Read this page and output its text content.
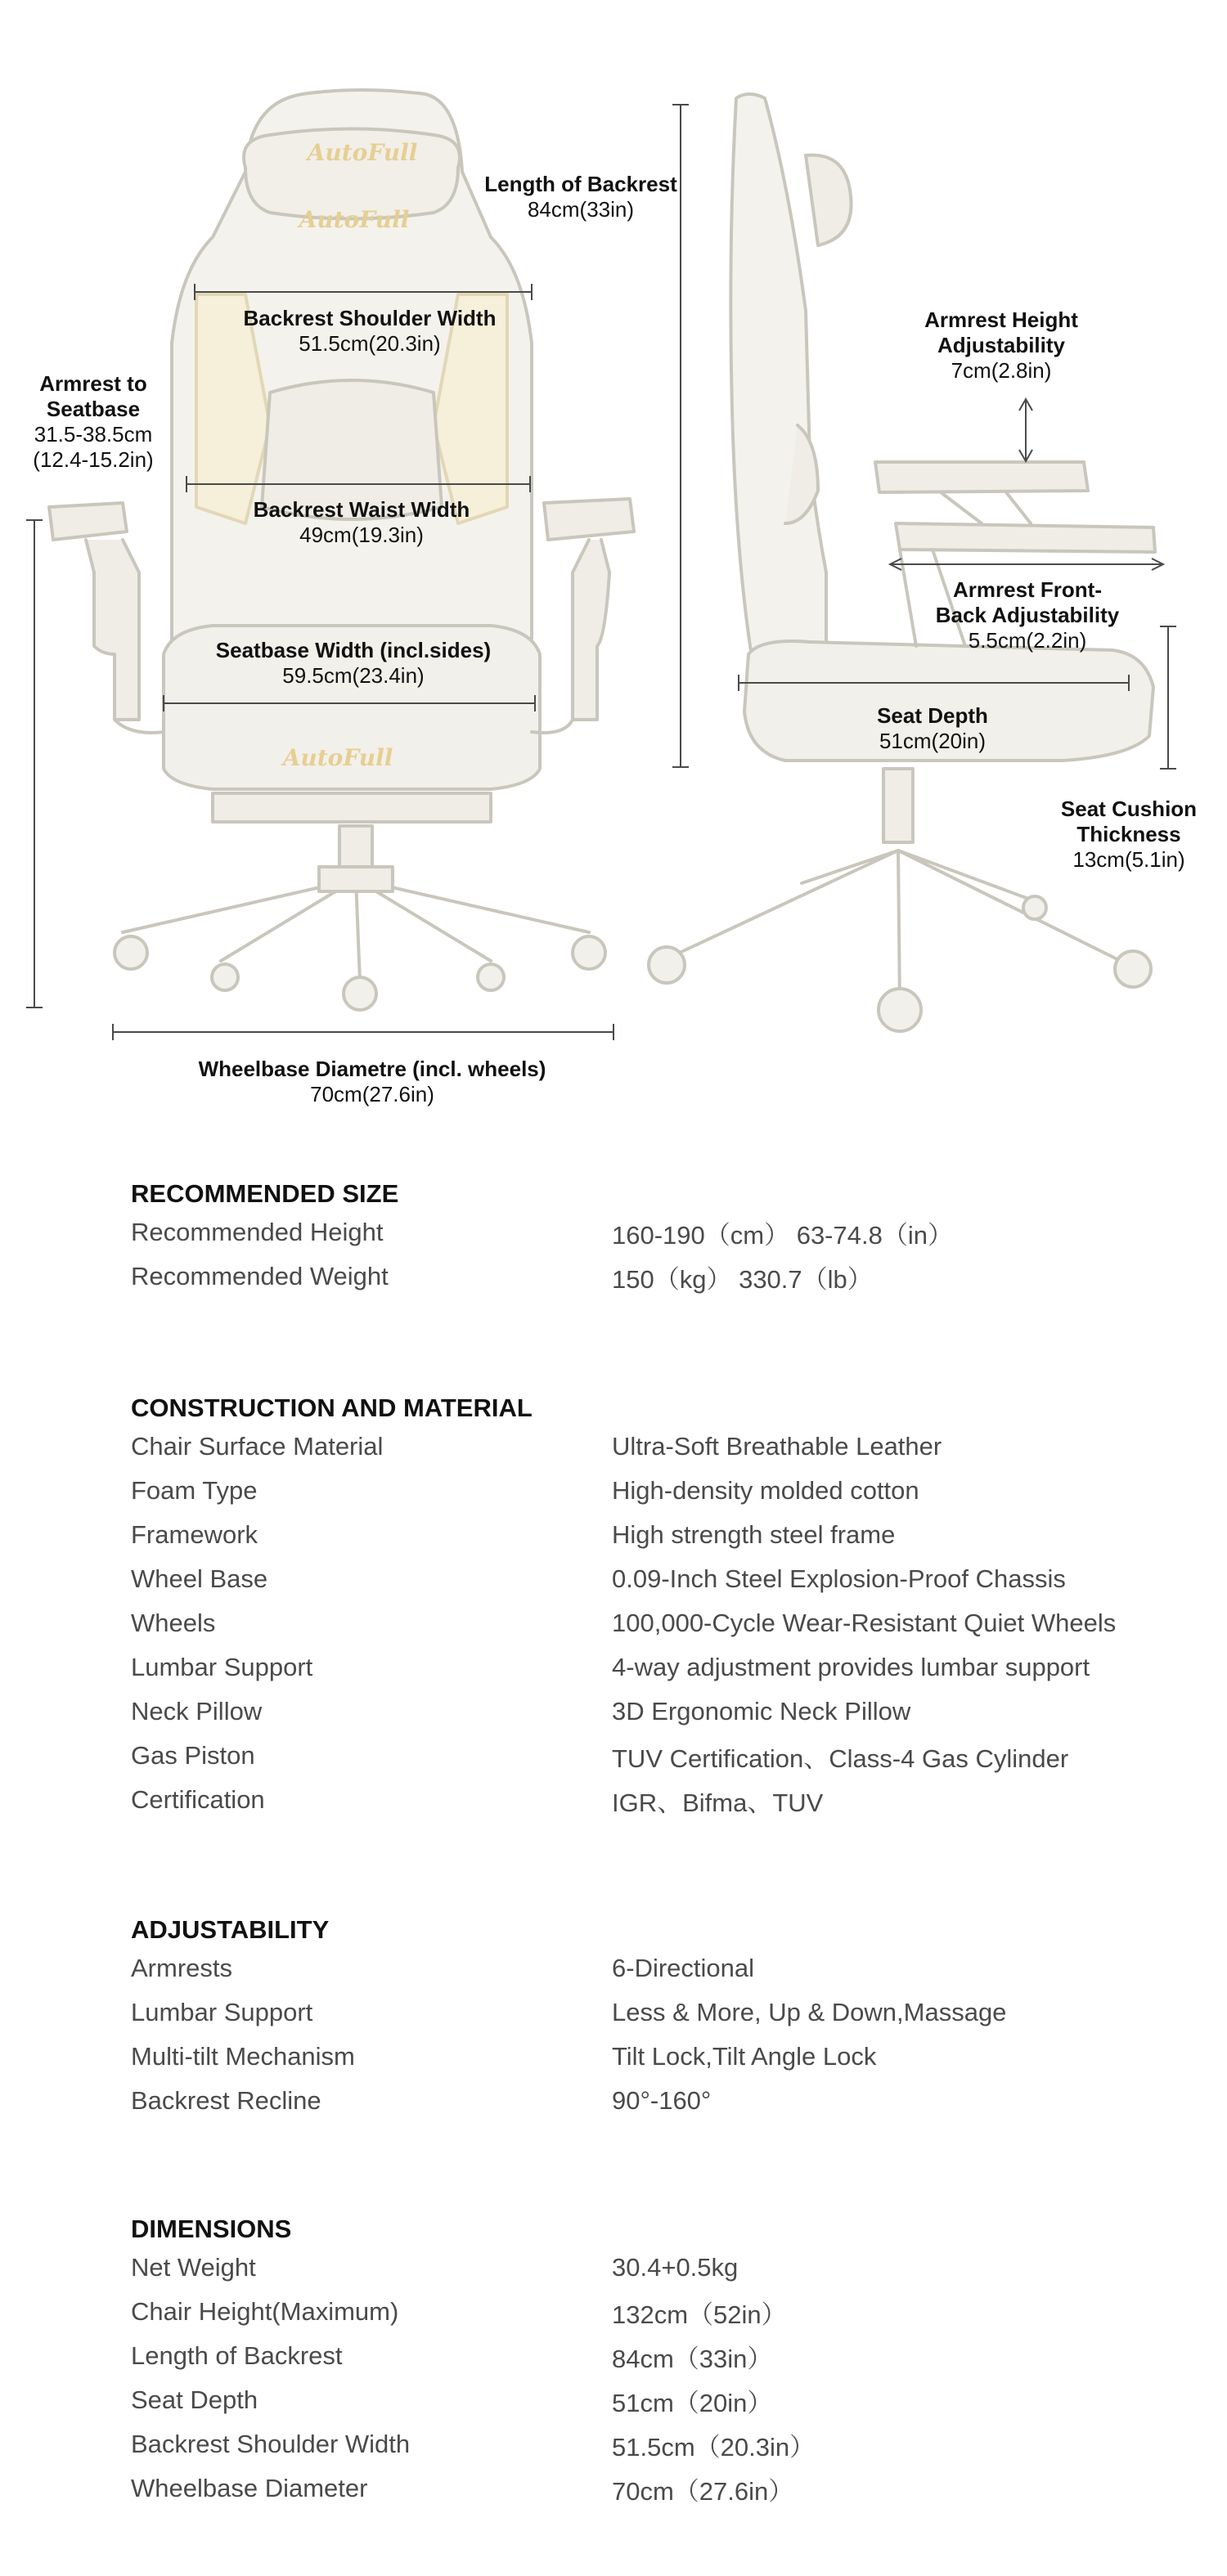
AutoFull
AutoFull
AutoFull
Backrest Shoulder Width
51.5cm(20.3in)
Backrest Waist Width
49cm(19.3in)
Seatbase Width (incl.sides)
59.5cm(23.4in)
Armrest to
Seatbase
31.5-38.5cm
(12.4-15.2in)
Wheelbase Diametre (incl. wheels)
70cm(27.6in)
Length of Backrest
84cm(33in)
Armrest Height
Adjustability
7cm(2.8in)
Armrest Front-
Back Adjustability
5.5cm(2.2in)
Seat Depth
51cm(20in)
Seat Cushion
Thickness
13cm(5.1in)
RECOMMENDED SIZE
Recommended Height	160-190（cm） 63-74.8（in）
Recommended Weight	150（kg） 330.7（lb）
CONSTRUCTION AND MATERIAL
Chair Surface Material	Ultra-Soft Breathable Leather
Foam Type	High-density molded cotton
Framework	High strength steel frame
Wheel Base	0.09-Inch Steel Explosion-Proof Chassis
Wheels	100,000-Cycle Wear-Resistant Quiet Wheels
Lumbar Support	4-way adjustment provides lumbar support
Neck Pillow	3D Ergonomic Neck Pillow
Gas Piston	TUV Certification、Class-4 Gas Cylinder
Certification	IGR、Bifma、TUV
ADJUSTABILITY
Armrests	6-Directional
Lumbar Support	Less & More, Up & Down,Massage
Multi-tilt Mechanism	Tilt Lock,Tilt Angle Lock
Backrest Recline	90°-160°
DIMENSIONS
Net Weight	30.4+0.5kg
Chair Height(Maximum)	132cm（52in）
Length of Backrest	84cm（33in）
Seat Depth	51cm（20in）
Backrest Shoulder Width	51.5cm（20.3in）
Wheelbase Diameter	70cm（27.6in）
